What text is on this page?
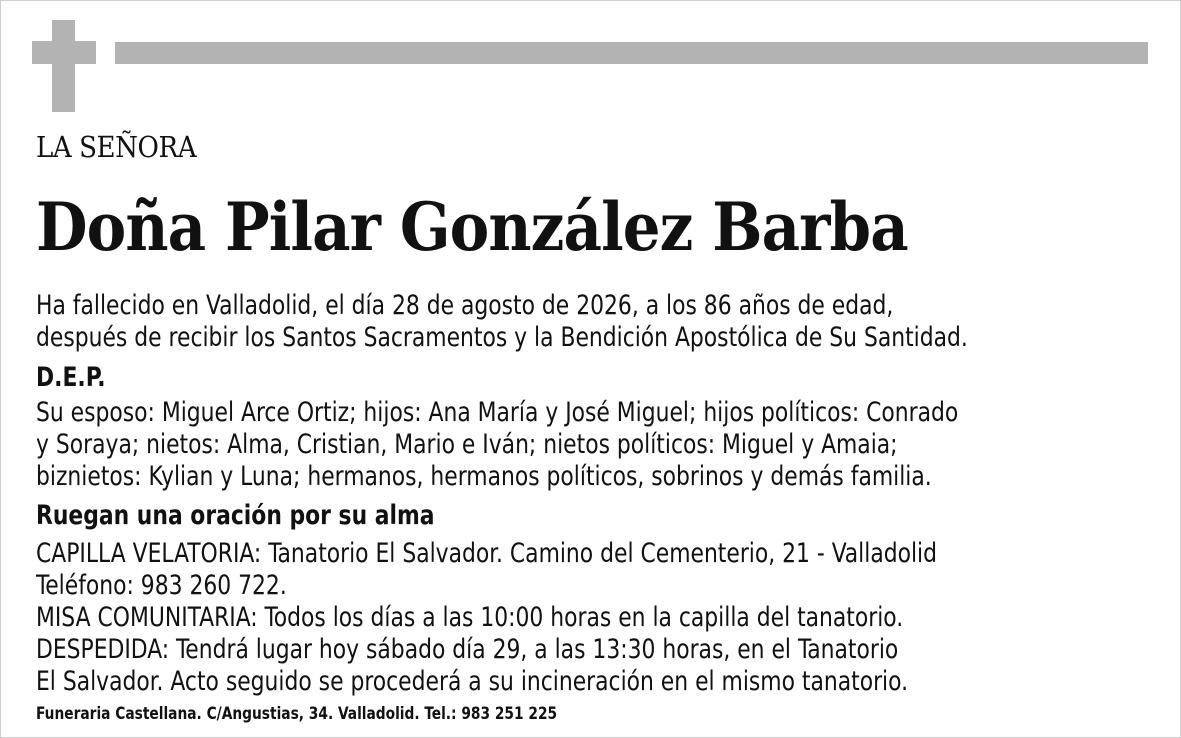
LA SEÑORA
Doña Pilar González Barba
Ha fallecido en Valladolid, el día 28 de agosto de 2026, a los 86 años de edad,
después de recibir los Santos Sacramentos y la Bendición Apostólica de Su Santidad.
D.E.P.
Su esposo: Miguel Arce Ortiz; hijos: Ana María y José Miguel; hijos políticos: Conrado
y Soraya; nietos: Alma, Cristian, Mario e Iván; nietos políticos: Miguel y Amaia;
biznietos: Kylian y Luna; hermanos, hermanos políticos, sobrinos y demás familia.
Ruegan una oración por su alma
CAPILLA VELATORIA: Tanatorio El Salvador. Camino del Cementerio, 21 - Valladolid
Teléfono: 983 260 722.
MISA COMUNITARIA: Todos los días a las 10:00 horas en la capilla del tanatorio.
DESPEDIDA: Tendrá lugar hoy sábado día 29, a las 13:30 horas, en el Tanatorio
El Salvador. Acto seguido se procederá a su incineración en el mismo tanatorio.
Funeraria Castellana. C/Angustias, 34. Valladolid. Tel.: 983 251 225
